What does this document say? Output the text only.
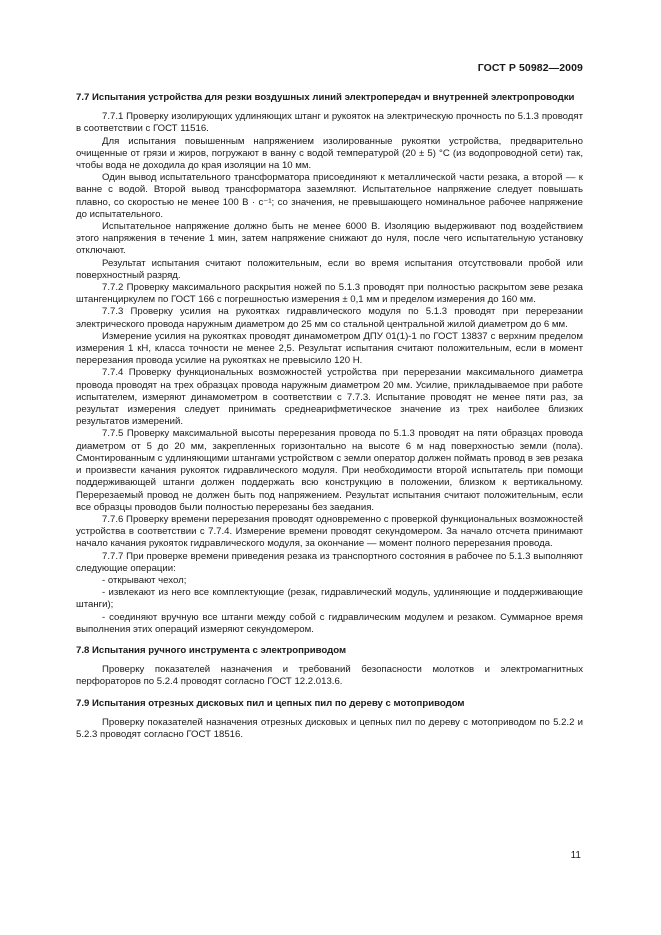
ГОСТ Р 50982—2009

7.7 Испытания устройства для резки воздушных линий электропередач и внутренней электропроводки

7.7.1 Проверку изолирующих удлиняющих штанг и рукояток на электрическую прочность по 5.1.3 проводят в соответствии с ГОСТ 11516.

Для испытания повышенным напряжением изолированные рукоятки устройства, предварительно очищенные от грязи и жиров, погружают в ванну с водой температурой (20 ± 5) °С (из водопроводной сети) так, чтобы вода не доходила до края изоляции на 10 мм.

Один вывод испытательного трансформатора присоединяют к металлической части резака, а второй — к ванне с водой. Второй вывод трансформатора заземляют. Испытательное напряжение следует повышать плавно, со скоростью не менее 100 В · с⁻¹; со значения, не превышающего номинальное рабочее напряжение до испытательного.

Испытательное напряжение должно быть не менее 6000 В. Изоляцию выдерживают под воздействием этого напряжения в течение 1 мин, затем напряжение снижают до нуля, после чего испытательную установку отключают.

Результат испытания считают положительным, если во время испытания отсутствовали пробой или поверхностный разряд.

7.7.2 Проверку максимального раскрытия ножей по 5.1.3 проводят при полностью раскрытом зеве резака штангенциркулем по ГОСТ 166 с погрешностью измерения ± 0,1 мм и пределом измерения до 160 мм.

7.7.3 Проверку усилия на рукоятках гидравлического модуля по 5.1.3 проводят при перерезании электрического провода наружным диаметром до 25 мм со стальной центральной жилой диаметром до 6 мм.

Измерение усилия на рукоятках проводят динамометром ДПУ 01(1)-1 по ГОСТ 13837 с верхним пределом измерения 1 кН, класса точности не менее 2,5. Результат испытания считают положительным, если в момент перерезания провода усилие на рукоятках не превысило 120 Н.

7.7.4 Проверку функциональных возможностей устройства при перерезании максимального диаметра провода проводят на трех образцах провода наружным диаметром 20 мм. Усилие, прикладываемое при работе испытателем, измеряют динамометром в соответствии с 7.7.3. Испытание проводят не менее пяти раз, за результат измерения следует принимать среднеарифметическое значение из трех наиболее близких результатов измерений.

7.7.5 Проверку максимальной высоты перерезания провода по 5.1.3 проводят на пяти образцах провода диаметром от 5 до 20 мм, закрепленных горизонтально на высоте 6 м над поверхностью земли (пола). Смонтированным с удлиняющими штангами устройством с земли оператор должен поймать провод в зев резака и произвести качания рукояток гидравлического модуля. При необходимости второй испытатель при помощи поддерживающей штанги должен поддержать всю конструкцию в положении, близком к вертикальному. Перерезаемый провод не должен быть под напряжением. Результат испытания считают положительным, если все образцы проводов были полностью перерезаны без заедания.

7.7.6 Проверку времени перерезания проводят одновременно с проверкой функциональных возможностей устройства в соответствии с 7.7.4. Измерение времени проводят секундомером. За начало отсчета принимают начало качания рукояток гидравлического модуля, за окончание — момент полного перерезания провода.

7.7.7 При проверке времени приведения резака из транспортного состояния в рабочее по 5.1.3 выполняют следующие операции:

- открывают чехол;

- извлекают из него все комплектующие (резак, гидравлический модуль, удлиняющие и поддерживающие штанги);

- соединяют вручную все штанги между собой с гидравлическим модулем и резаком. Суммарное время выполнения этих операций измеряют секундомером.

7.8 Испытания ручного инструмента с электроприводом

Проверку показателей назначения и требований безопасности молотков и электромагнитных перфораторов по 5.2.4 проводят согласно ГОСТ 12.2.013.6.

7.9 Испытания отрезных дисковых пил и цепных пил по дереву с мотоприводом

Проверку показателей назначения отрезных дисковых и цепных пил по дереву с мотоприводом по 5.2.2 и 5.2.3 проводят согласно ГОСТ 18516.

11
